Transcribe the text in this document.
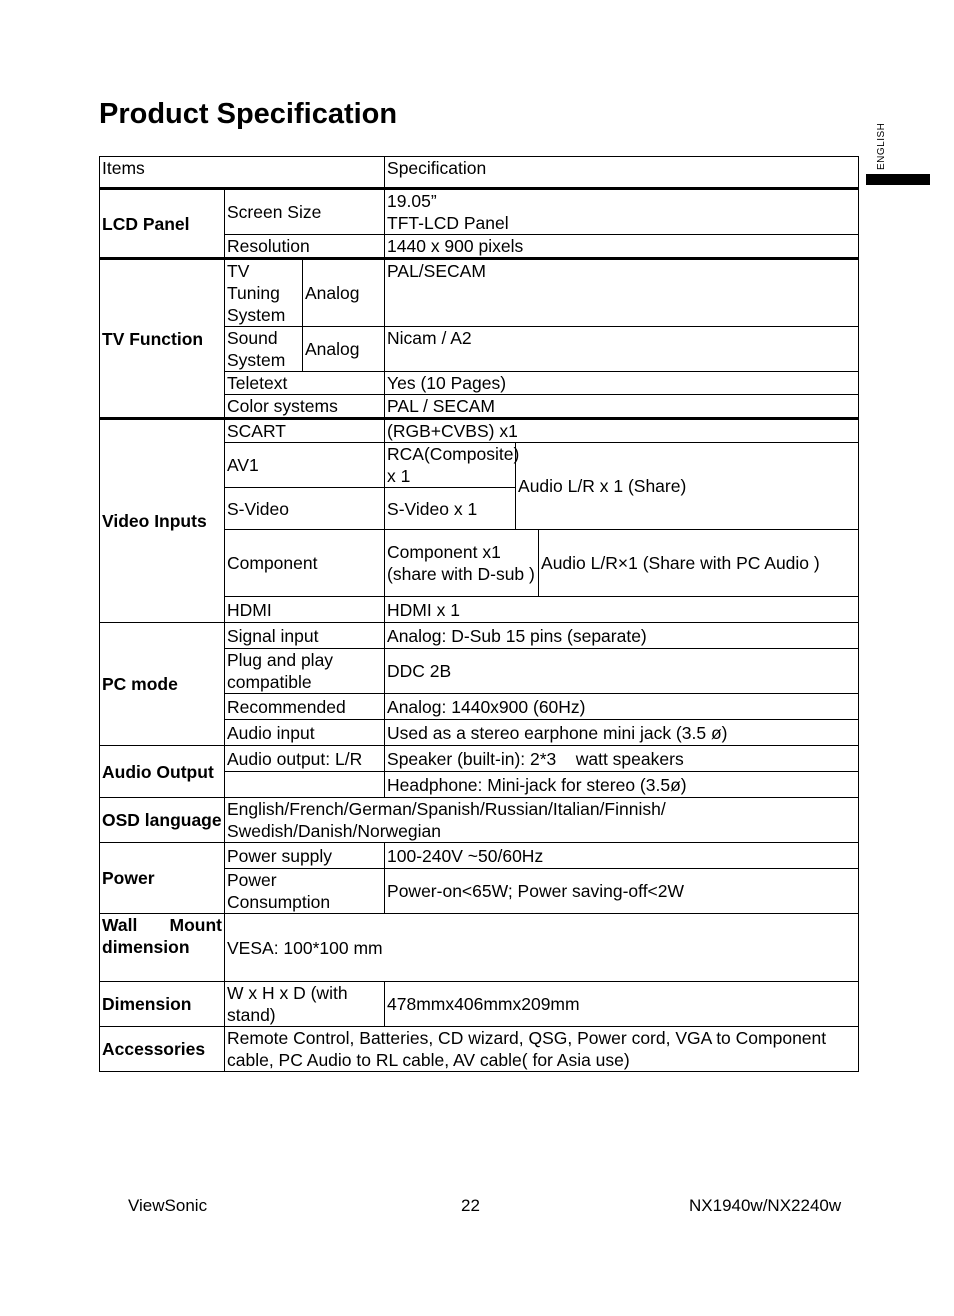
Product Specification
ENGLISH
Items			Specification		
LCD Panel	Screen Size		19.05”
TFT-LCD Panel		

	Resolution		1440 x 900 pixels		
TV Function	TV Tuning System	Analog	PAL/SECAM		
	Sound System	Analog	Nicam / A2		
	Teletext		Yes (10 Pages)		
	Color systems		PAL / SECAM		
Video Inputs	SCART		(RGB+CVBS) x1		
	AV1		RCA(Composite) x 1	Audio L/R x 1 (Share)	
	S-Video		S-Video x 1		
	Component		Component x1 (share with D-sub )		Audio L/R×1 (Share with PC Audio )
	HDMI		HDMI x 1		
PC mode	Signal input		Analog: D-Sub 15 pins (separate)		
	Plug and play compatible		DDC 2B		
	Recommended		Analog: 1440x900 (60Hz)		
	Audio input		Used as a stereo earphone mini jack (3.5 ø)		
Audio Output	Audio output: L/R		Speaker (built-in): 2*3    watt speakers		
			Headphone: Mini-jack for stereo (3.5ø)		
OSD language	English/French/German/Spanish/Russian/Italian/Finnish/ Swedish/Danish/Norwegian				
Power	Power supply		100-240V ~50/60Hz		
	Power Consumption		Power-on<65W; Power saving-off<2W		

Wall Mount
dimension	VESA: 100*100 mm				
Dimension	W x H x D (with stand)		478mmx406mmx209mm		
Accessories	Remote Control, Batteries, CD wizard, QSG, Power cord, VGA to Component cable, PC Audio to RL cable, AV cable( for Asia use)				
ViewSonic	22	NX1940w/NX2240w
